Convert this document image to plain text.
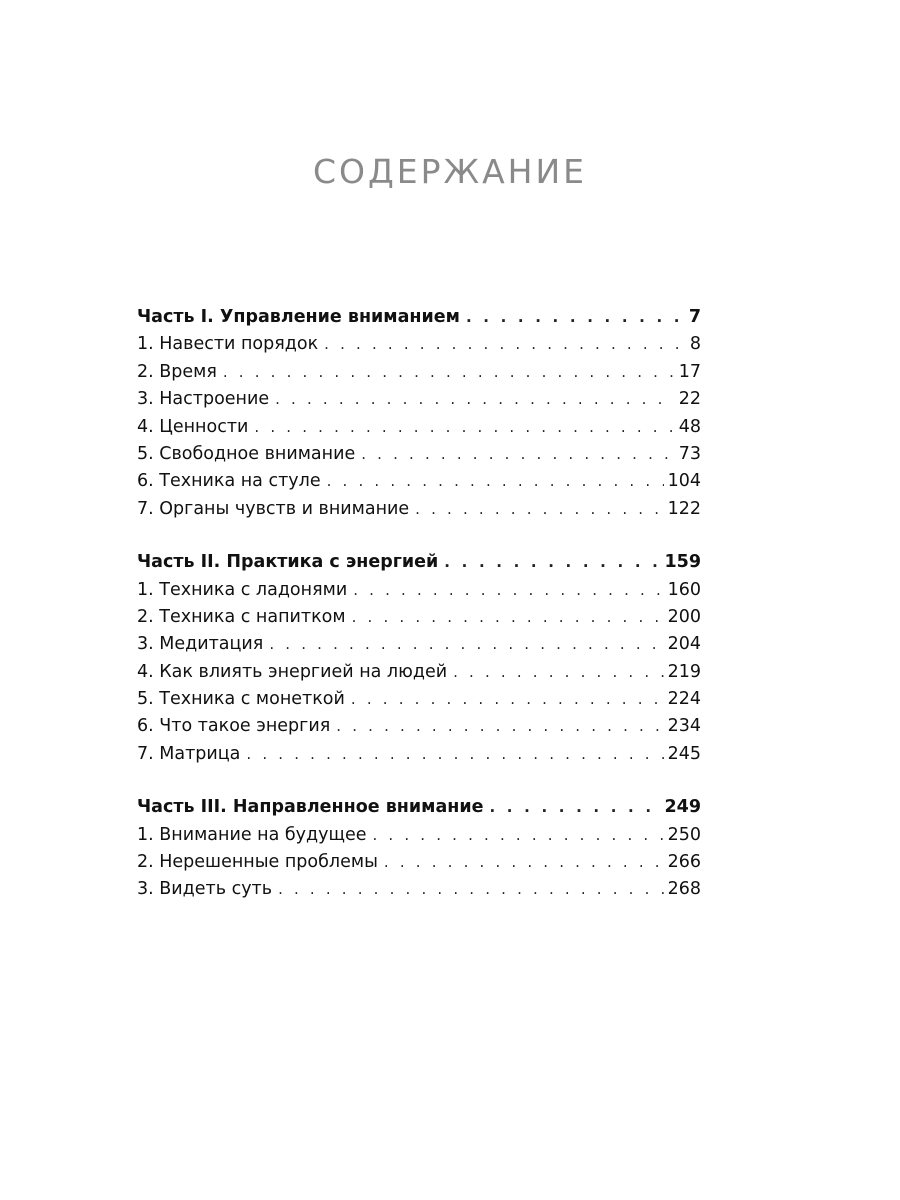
СОДЕРЖАНИЕ
Часть I. Управление вниманием . . .	7
1. Навести порядок . . .	8
2. Время . . .	17
3. Настроение . . .	22
4. Ценности . . .	48
5. Свободное внимание . . .	73
6. Техника на стуле . . .	104
7. Органы чувств и внимание . . .	122
Часть II. Практика с энергией . . .	159
1. Техника с ладонями . . .	160
2. Техника с напитком . . .	200
3. Медитация . . .	204
4. Как влиять энергией на людей . . .	219
5. Техника с монеткой . . .	224
6. Что такое энергия . . .	234
7. Матрица . . .	245
Часть III. Направленное внимание . . .	249
1. Внимание на будущее . . .	250
2. Нерешенные проблемы . . .	266
3. Видеть суть . . .	268
